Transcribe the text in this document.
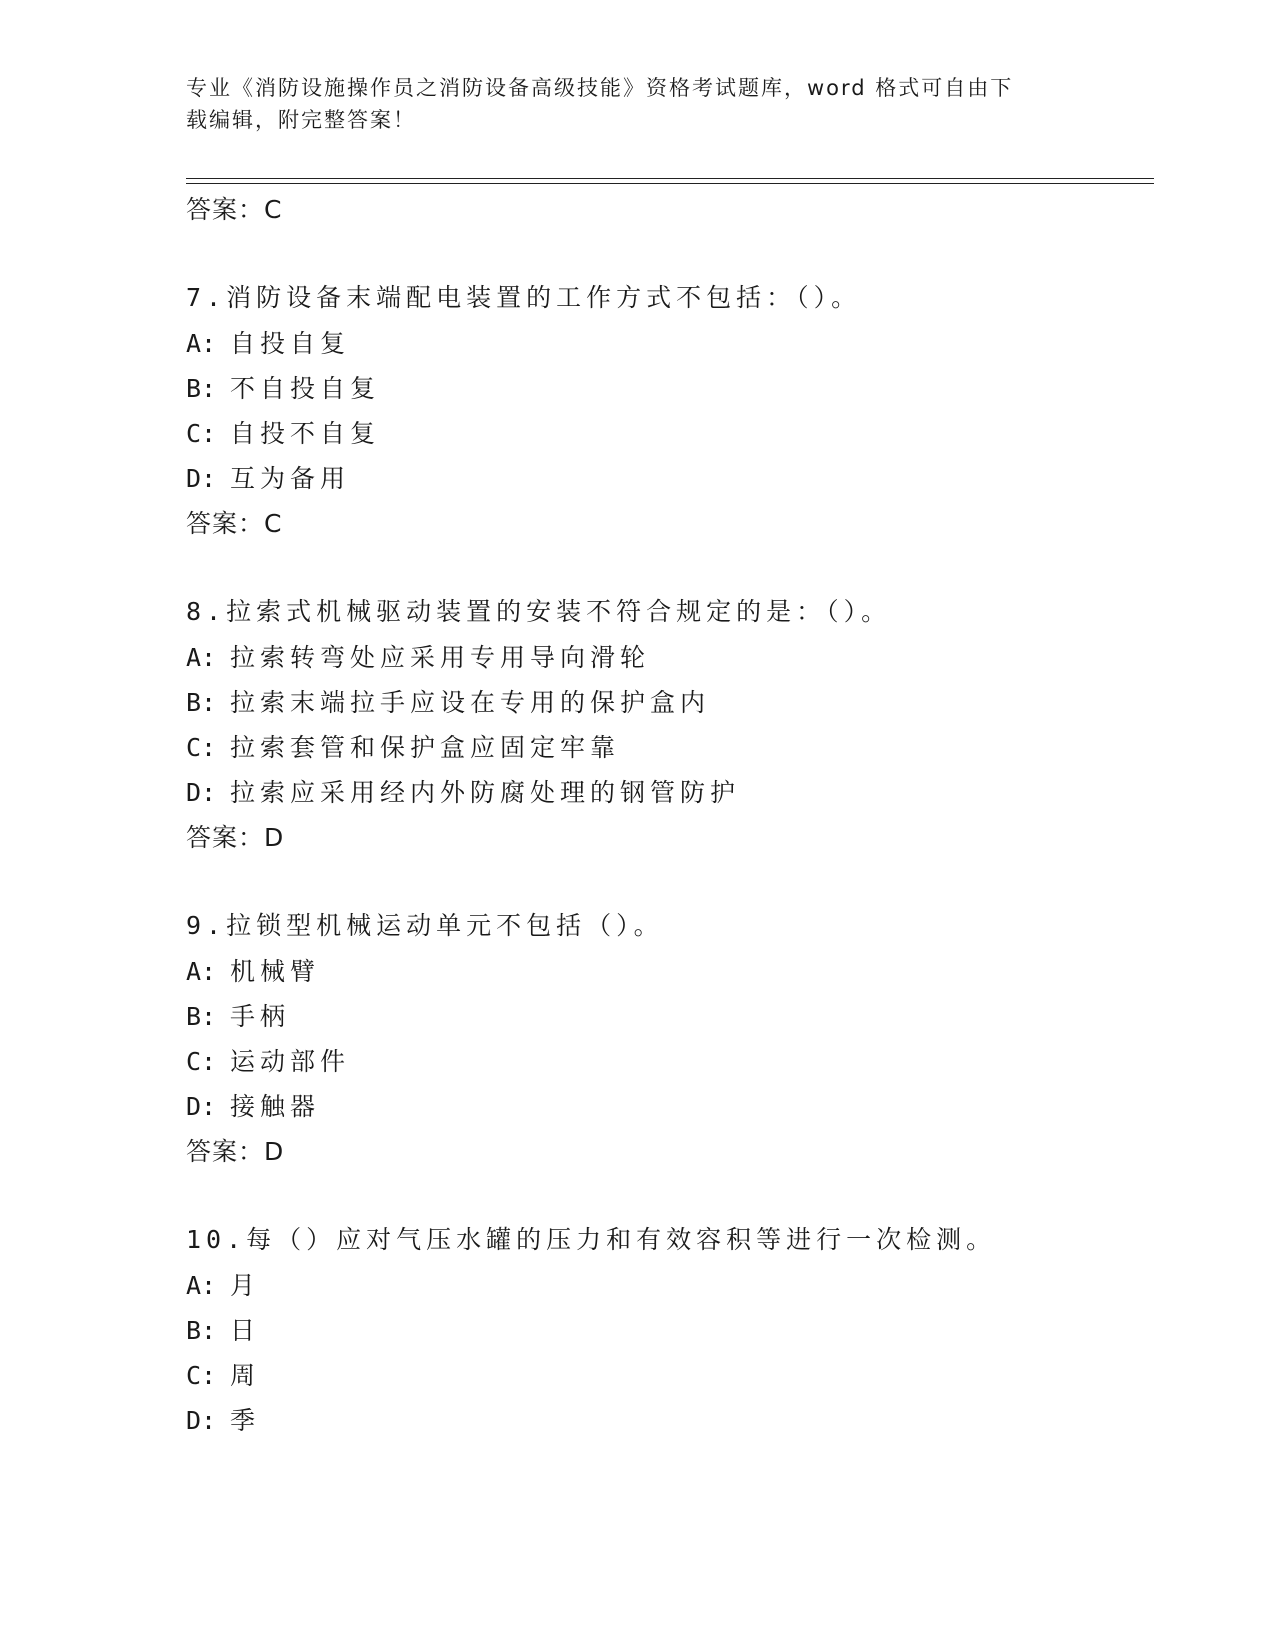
专业《消防设施操作员之消防设备高级技能》资格考试题库，word 格式可自由下
载编辑，附完整答案！
答案：C
7.消防设备末端配电装置的工作方式不包括：（）。
A: 自投自复
B: 不自投自复
C: 自投不自复
D: 互为备用
答案：C
8.拉索式机械驱动装置的安装不符合规定的是：（）。
A: 拉索转弯处应采用专用导向滑轮
B: 拉索末端拉手应设在专用的保护盒内
C: 拉索套管和保护盒应固定牢靠
D: 拉索应采用经内外防腐处理的钢管防护
答案：D
9.拉锁型机械运动单元不包括（）。
A: 机械臂
B: 手柄
C: 运动部件
D: 接触器
答案：D
10.每（）应对气压水罐的压力和有效容积等进行一次检测。
A: 月
B: 日
C: 周
D: 季
